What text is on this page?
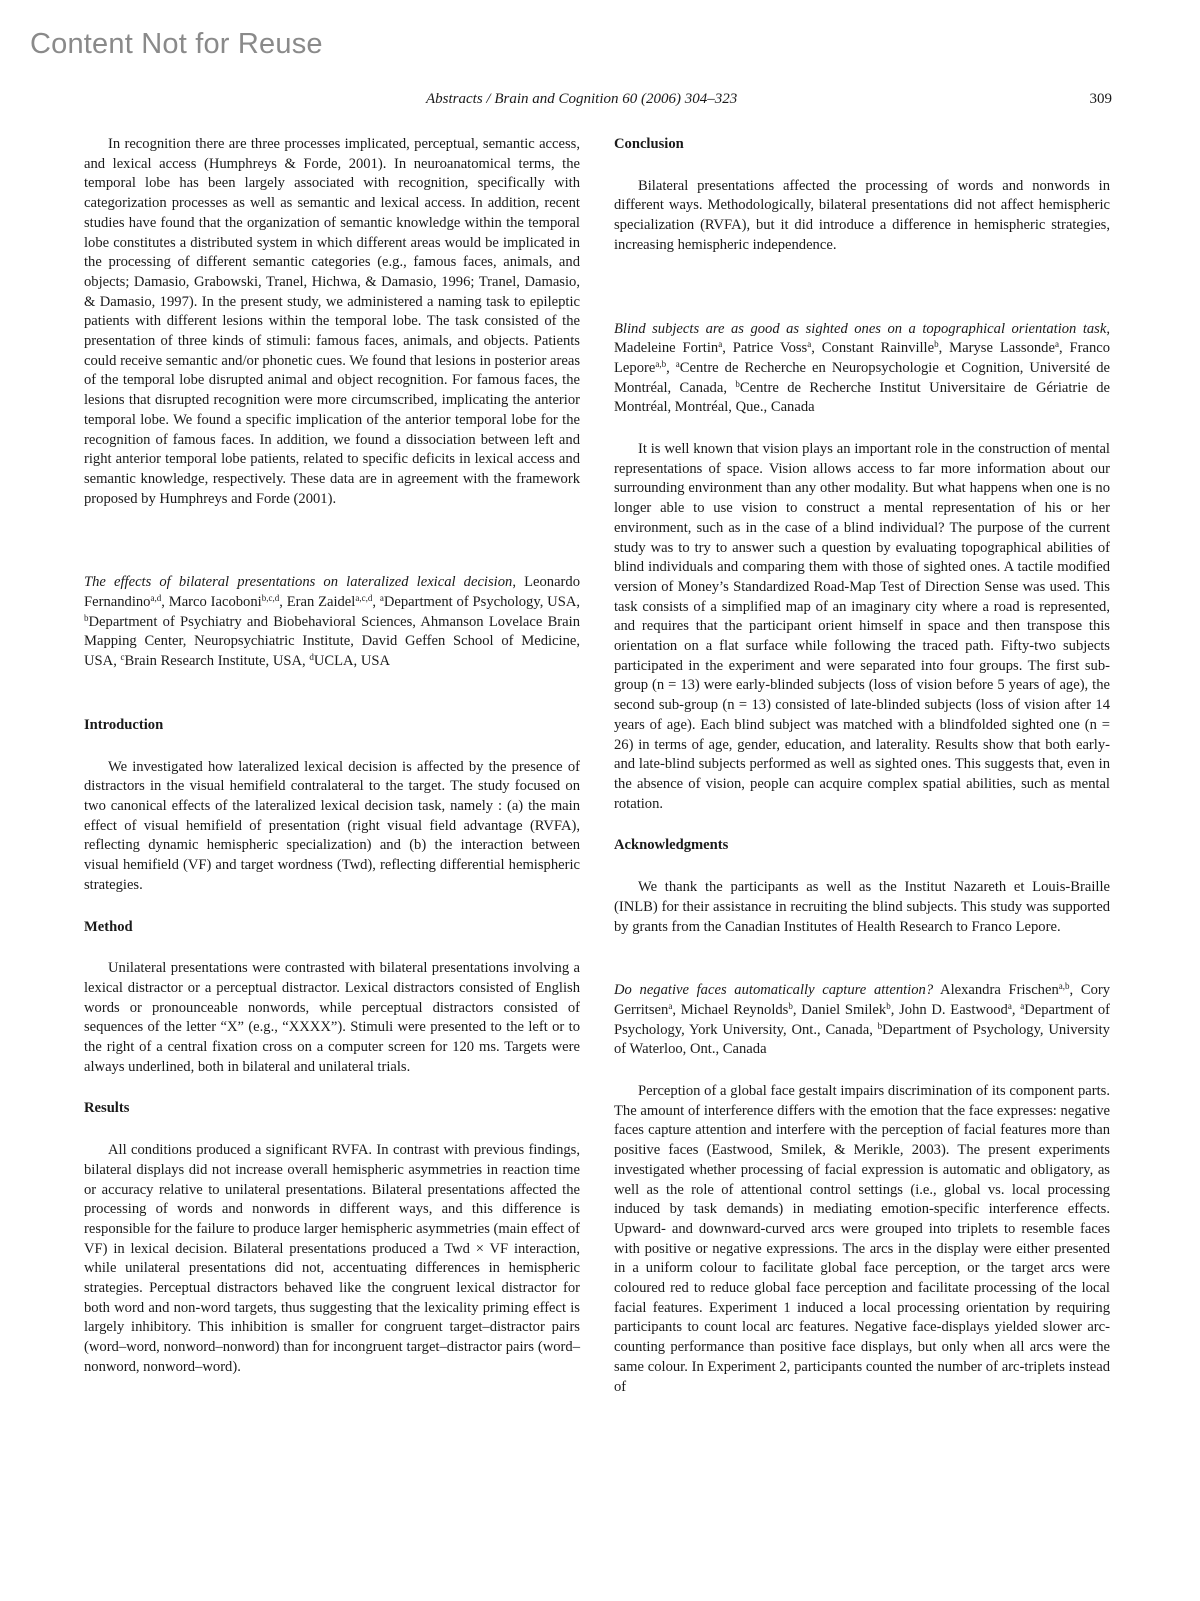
Content Not for Reuse
Abstracts / Brain and Cognition 60 (2006) 304–323	309

In recognition there are three processes implicated, perceptual, semantic access, and lexical access (Humphreys & Forde, 2001). In neuroanatomical terms, the temporal lobe has been largely associated with recognition, specifically with categorization processes as well as semantic and lexical access. In addition, recent studies have found that the organization of semantic knowledge within the temporal lobe constitutes a distributed system in which different areas would be implicated in the processing of different semantic categories (e.g., famous faces, animals, and objects; Damasio, Grabowski, Tranel, Hichwa, & Damasio, 1996; Tranel, Damasio, & Damasio, 1997). In the present study, we administered a naming task to epileptic patients with different lesions within the temporal lobe. The task consisted of the presentation of three kinds of stimuli: famous faces, animals, and objects. Patients could receive semantic and/or phonetic cues. We found that lesions in posterior areas of the temporal lobe disrupted animal and object recognition. For famous faces, the lesions that disrupted recognition were more circumscribed, implicating the anterior temporal lobe. We found a specific implication of the anterior temporal lobe for the recognition of famous faces. In addition, we found a dissociation between left and right anterior temporal lobe patients, related to specific deficits in lexical access and semantic knowledge, respectively. These data are in agreement with the framework proposed by Humphreys and Forde (2001).

The effects of bilateral presentations on lateralized lexical decision, Leonardo Fernandino$^{a,d}$, Marco Iacoboni$^{b,c,d}$, Eran Zaidel$^{a,c,d}$, $^a$Department of Psychology, USA, $^b$Department of Psychiatry and Biobehavioral Sciences, Ahmanson Lovelace Brain Mapping Center, Neuropsychiatric Institute, David Geffen School of Medicine, USA, $^c$Brain Research Institute, USA, $^d$UCLA, USA

Introduction

We investigated how lateralized lexical decision is affected by the presence of distractors in the visual hemifield contralateral to the target. The study focused on two canonical effects of the lateralized lexical decision task, namely : (a) the main effect of visual hemifield of presentation (right visual field advantage (RVFA), reflecting dynamic hemispheric specialization) and (b) the interaction between visual hemifield (VF) and target wordness (Twd), reflecting differential hemispheric strategies.

Method

Unilateral presentations were contrasted with bilateral presentations involving a lexical distractor or a perceptual distractor. Lexical distractors consisted of English words or pronounceable nonwords, while perceptual distractors consisted of sequences of the letter “X” (e.g., “XXXX”). Stimuli were presented to the left or to the right of a central fixation cross on a computer screen for 120 ms. Targets were always underlined, both in bilateral and unilateral trials.

Results

All conditions produced a significant RVFA. In contrast with previous findings, bilateral displays did not increase overall hemispheric asymmetries in reaction time or accuracy relative to unilateral presentations. Bilateral presentations affected the processing of words and nonwords in different ways, and this difference is responsible for the failure to produce larger hemispheric asymmetries (main effect of VF) in lexical decision. Bilateral presentations produced a Twd × VF interaction, while unilateral presentations did not, accentuating differences in hemispheric strategies. Perceptual distractors behaved like the congruent lexical distractor for both word and non-word targets, thus suggesting that the lexicality priming effect is largely inhibitory. This inhibition is smaller for congruent target–distractor pairs (word–word, nonword–nonword) than for incongruent target–distractor pairs (word–nonword, nonword–word).

Conclusion

Bilateral presentations affected the processing of words and nonwords in different ways. Methodologically, bilateral presentations did not affect hemispheric specialization (RVFA), but it did introduce a difference in hemispheric strategies, increasing hemispheric independence.

Blind subjects are as good as sighted ones on a topographical orientation task, Madeleine Fortin$^a$, Patrice Voss$^a$, Constant Rainville$^b$, Maryse Lassonde$^a$, Franco Lepore$^{a,b}$, $^a$Centre de Recherche en Neuropsychologie et Cognition, Université de Montréal, Canada, $^b$Centre de Recherche Institut Universitaire de Gériatrie de Montréal, Montréal, Que., Canada

It is well known that vision plays an important role in the construction of mental representations of space. Vision allows access to far more information about our surrounding environment than any other modality. But what happens when one is no longer able to use vision to construct a mental representation of his or her environment, such as in the case of a blind individual? The purpose of the current study was to try to answer such a question by evaluating topographical abilities of blind individuals and comparing them with those of sighted ones. A tactile modified version of Money’s Standardized Road-Map Test of Direction Sense was used. This task consists of a simplified map of an imaginary city where a road is represented, and requires that the participant orient himself in space and then transpose this orientation on a flat surface while following the traced path. Fifty-two subjects participated in the experiment and were separated into four groups. The first sub-group (n = 13) were early-blinded subjects (loss of vision before 5 years of age), the second sub-group (n = 13) consisted of late-blinded subjects (loss of vision after 14 years of age). Each blind subject was matched with a blindfolded sighted one (n = 26) in terms of age, gender, education, and laterality. Results show that both early- and late-blind subjects performed as well as sighted ones. This suggests that, even in the absence of vision, people can acquire complex spatial abilities, such as mental rotation.

Acknowledgments

We thank the participants as well as the Institut Nazareth et Louis-Braille (INLB) for their assistance in recruiting the blind subjects. This study was supported by grants from the Canadian Institutes of Health Research to Franco Lepore.

Do negative faces automatically capture attention? Alexandra Frischen$^{a,b}$, Cory Gerritsen$^a$, Michael Reynolds$^b$, Daniel Smilek$^b$, John D. Eastwood$^a$, $^a$Department of Psychology, York University, Ont., Canada, $^b$Department of Psychology, University of Waterloo, Ont., Canada

Perception of a global face gestalt impairs discrimination of its component parts. The amount of interference differs with the emotion that the face expresses: negative faces capture attention and interfere with the perception of facial features more than positive faces (Eastwood, Smilek, & Merikle, 2003). The present experiments investigated whether processing of facial expression is automatic and obligatory, as well as the role of attentional control settings (i.e., global vs. local processing induced by task demands) in mediating emotion-specific interference effects. Upward- and downward-curved arcs were grouped into triplets to resemble faces with positive or negative expressions. The arcs in the display were either presented in a uniform colour to facilitate global face perception, or the target arcs were coloured red to reduce global face perception and facilitate processing of the local facial features. Experiment 1 induced a local processing orientation by requiring participants to count local arc features. Negative face-displays yielded slower arc-counting performance than positive face displays, but only when all arcs were the same colour. In Experiment 2, participants counted the number of arc-triplets instead of
